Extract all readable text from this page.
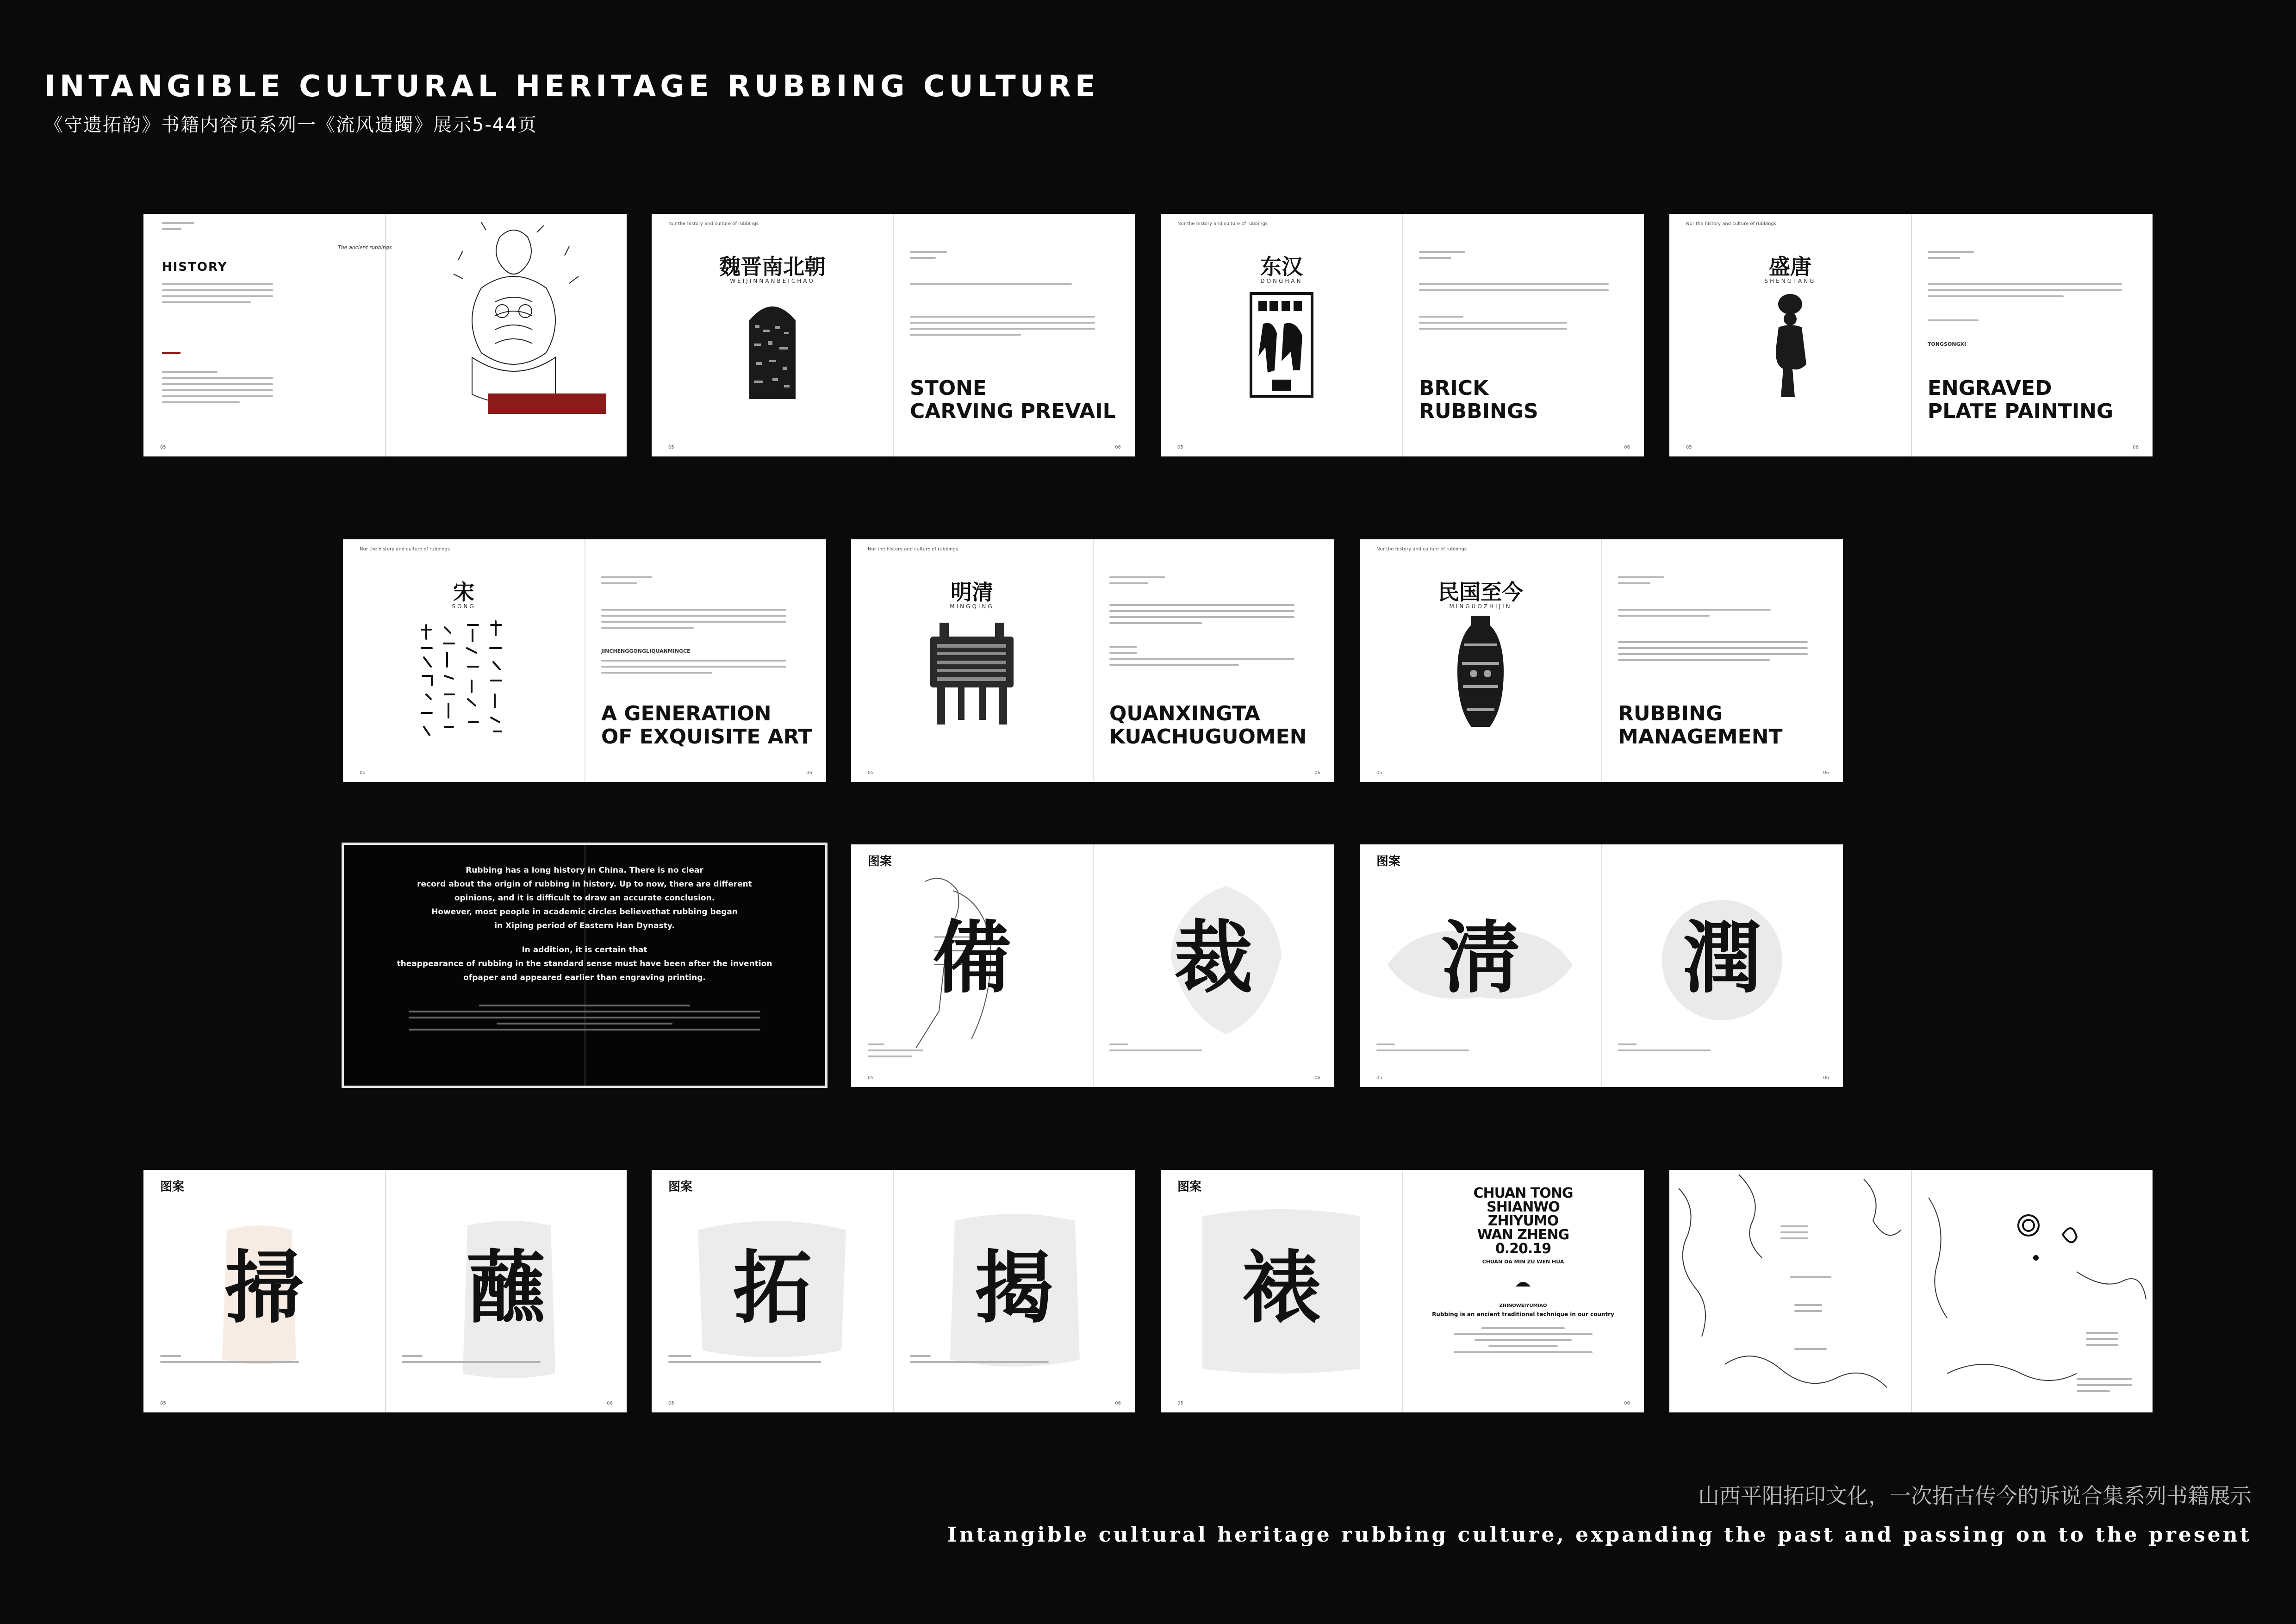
INTANGIBLE CULTURAL HERITAGE RUBBING CULTURE
《守遗拓韵》书籍内容页系列一《流风遗躅》展示5-44页
HISTORY
The ancient rubbings
05
Nur the history and culture of rubbings
魏晋南北朝
WEIJINNANBEICHAO
STONE
CARVING PREVAIL
05	06
Nur the history and culture of rubbings
东汉
DONGHAN
BRICK
RUBBINGS
05	06
Nur the history and culture of rubbings
盛唐
SHENGTANG
TONGSONGXI
ENGRAVED
PLATE PAINTING
05	06
Nur the history and culture of rubbings
宋
SONG
JINCHENGGONGLIQUANMINGCE
A GENERATION
OF EXQUISITE ART
05	06
Nur the history and culture of rubbings
明清
MINGQING
QUANXINGTA
KUACHUGUOMEN
05	06
Nur the history and culture of rubbings
民国至今
MINGUOZHIJIN
RUBBING
MANAGEMENT
05	06
Rubbing has a long history in China. There is no clear
record about the origin of rubbing in history. Up to now, there are different
opinions, and it is difficult to draw an accurate conclusion.
However, most people in academic circles believethat rubbing began
in Xiping period of Eastern Han Dynasty.
In addition, it is certain that
theappearance of rubbing in the standard sense must have been after the invention
ofpaper and appeared earlier than engraving printing.
图案
備 裁
05	06
图案
淸 潤
05	06
图案
掃 蘸
05	06
图案
拓 揭
05	06
图案
裱
CHUAN TONG
SHIANWO
ZHIYUMO
WAN ZHENG
0.20.19
CHUAN DA MIN ZU WEN HUA
ZHINOWEIYUMIAO
Rubbing is an ancient traditional technique in our country
05	06
山西平阳拓印文化，一次拓古传今的诉说合集系列书籍展示
Intangible cultural heritage rubbing culture, expanding the past and passing on to the present
